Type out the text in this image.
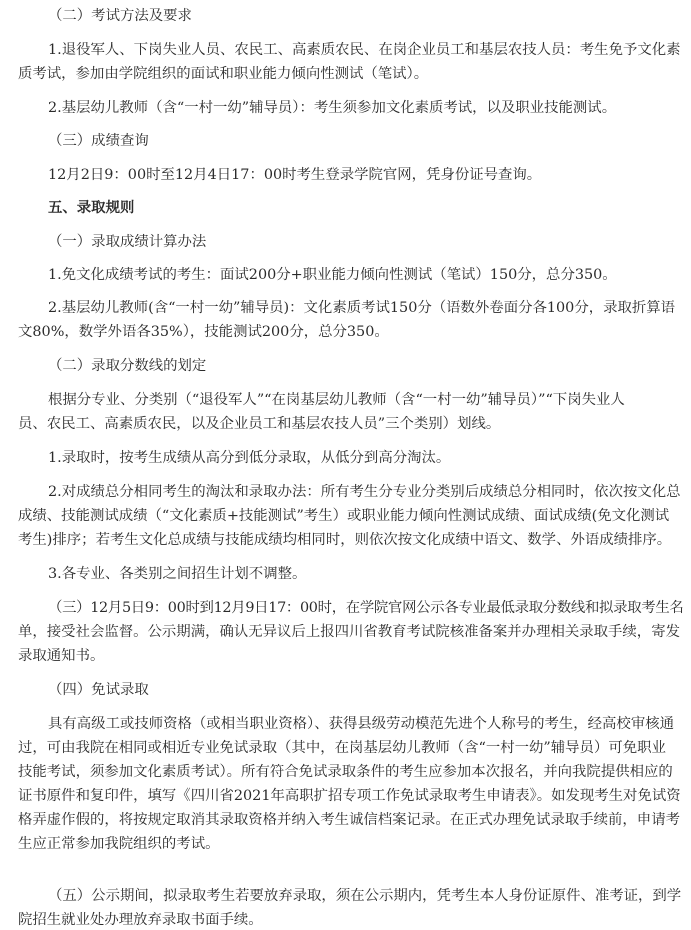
（二）考试方法及要求
1.退役军人、下岗失业人员、农民工、高素质农民、在岗企业员工和基层农技人员：考生免予文化素
质考试，参加由学院组织的面试和职业能力倾向性测试（笔试）。
2.基层幼儿教师（含“一村一幼”辅导员）：考生须参加文化素质考试，以及职业技能测试。
（三）成绩查询
12月2日9：00时至12月4日17：00时考生登录学院官网，凭身份证号查询。
五、录取规则
（一）录取成绩计算办法
1.免文化成绩考试的考生：面试200分+职业能力倾向性测试（笔试）150分，总分350。
2.基层幼儿教师(含“一村一幼”辅导员)：文化素质考试150分（语数外卷面分各100分，录取折算语
文80%，数学外语各35%），技能测试200分，总分350。
（二）录取分数线的划定
根据分专业、分类别（“退役军人”“在岗基层幼儿教师（含“一村一幼”辅导员）”“下岗失业人
员、农民工、高素质农民，以及企业员工和基层农技人员”三个类别）划线。
1.录取时，按考生成绩从高分到低分录取，从低分到高分淘汰。
2.对成绩总分相同考生的淘汰和录取办法：所有考生分专业分类别后成绩总分相同时，依次按文化总
成绩、技能测试成绩（“文化素质+技能测试”考生）或职业能力倾向性测试成绩、面试成绩(免文化测试
考生)排序；若考生文化总成绩与技能成绩均相同时，则依次按文化成绩中语文、数学、外语成绩排序。
3.各专业、各类别之间招生计划不调整。
（三）12月5日9：00时到12月9日17：00时，在学院官网公示各专业最低录取分数线和拟录取考生名
单，接受社会监督。公示期满，确认无异议后上报四川省教育考试院核准备案并办理相关录取手续，寄发
录取通知书。
（四）免试录取
具有高级工或技师资格（或相当职业资格）、获得县级劳动模范先进个人称号的考生，经高校审核通
过，可由我院在相同或相近专业免试录取（其中，在岗基层幼儿教师（含“一村一幼”辅导员）可免职业
技能考试，须参加文化素质考试）。所有符合免试录取条件的考生应参加本次报名，并向我院提供相应的
证书原件和复印件，填写《四川省2021年高职扩招专项工作免试录取考生申请表》。如发现考生对免试资
格弄虚作假的，将按规定取消其录取资格并纳入考生诚信档案记录。在正式办理免试录取手续前，申请考
生应正常参加我院组织的考试。
（五）公示期间，拟录取考生若要放弃录取，须在公示期内，凭考生本人身份证原件、准考证，到学
院招生就业处办理放弃录取书面手续。
